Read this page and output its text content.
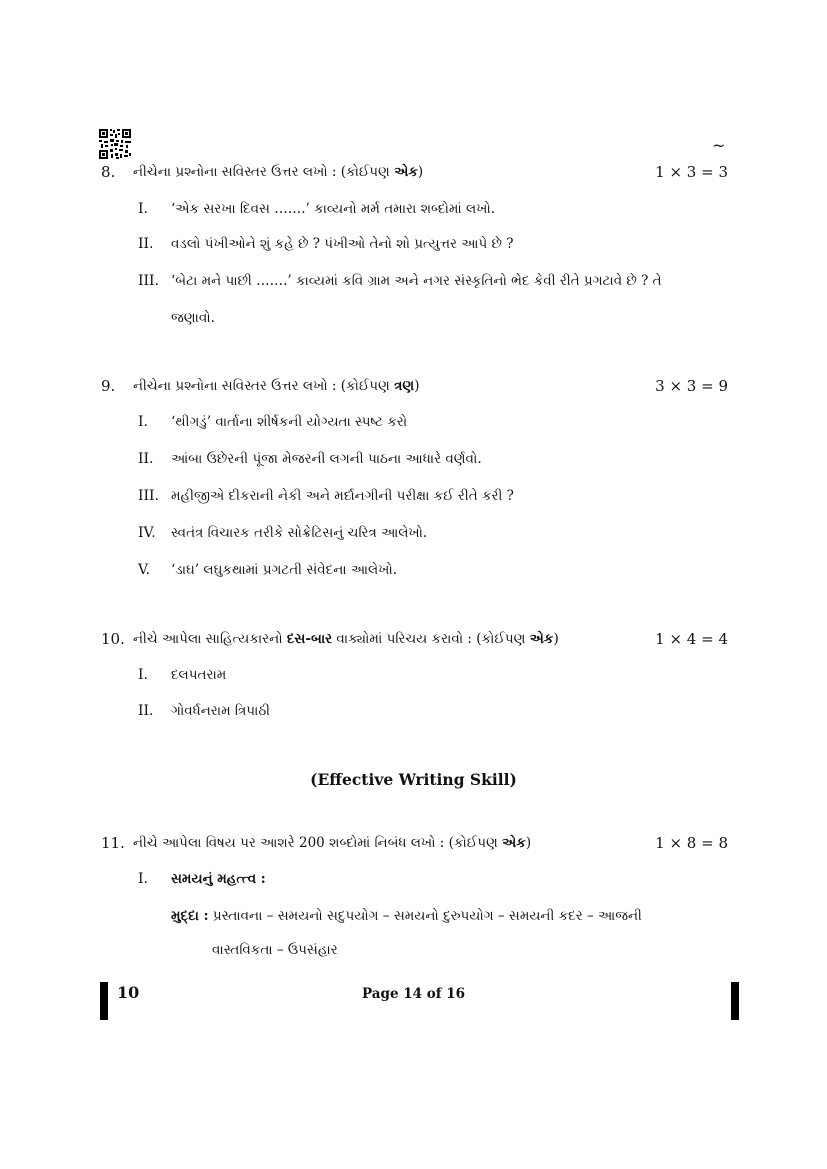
~
8. નીચેના પ્રશ્નોના સવિસ્તર ઉત્તર લખો : (કોઈપણ એક)	1 × 3 = 3
I.	‘એક સરખા દિવસ …….’ કાવ્યનો મર્મ તમારા શબ્દોમાં લખો.
II.	વડલો પંખીઓને શું કહે છે ? પંખીઓ તેનો શો પ્રત્યુત્તર આપે છે ?
III. ‘બેટા મને પાછી …….’ કાવ્યમાં કવિ ગ્રામ અને નગર સંસ્કૃતિનો ભેદ કેવી રીતે પ્રગટાવે છે ? તે
જણાવો.
9. નીચેના પ્રશ્નોના સવિસ્તર ઉત્તર લખો : (કોઈપણ ત્રણ)	3 × 3 = 9
I.	‘થીગડું’ વાર્તાના શીર્ષકની યોગ્યતા સ્પષ્ટ કરો
II.	આંબા ઉછેરની પૂંજા મેજરની લગની પાઠના આધારે વર્ણવો.
III. મહીજીએ દીકરાની નેકી અને મર્દાનગીની પરીક્ષા કઈ રીતે કરી ?
IV.	સ્વતંત્ર વિચારક તરીકે સોક્રેટિસનું ચરિત્ર આલેખો.
V.	‘ડાઘ’ લઘુકથામાં પ્રગટતી સંવેદના આલેખો.
10. નીચે આપેલા સાહિત્યકારનો દસ-બાર વાક્યોમાં પરિચય કરાવો : (કોઈપણ એક)	1 × 4 = 4
I.	દલપતરામ
II.	ગોવર્ધનરામ ત્રિપાઠી
(Effective Writing Skill)
11. નીચે આપેલા વિષય પર આશરે 200 શબ્દોમાં નિબંધ લખો : (કોઈપણ એક)	1 × 8 = 8
I.	સમયનું મહત્ત્વ :
મુદ્દા : પ્રસ્તાવના – સમયનો સદુપયોગ – સમયનો દુરુપયોગ – સમયની કદર – આજની
વાસ્તવિકતા – ઉપસંહાર
10	Page 14 of 16
